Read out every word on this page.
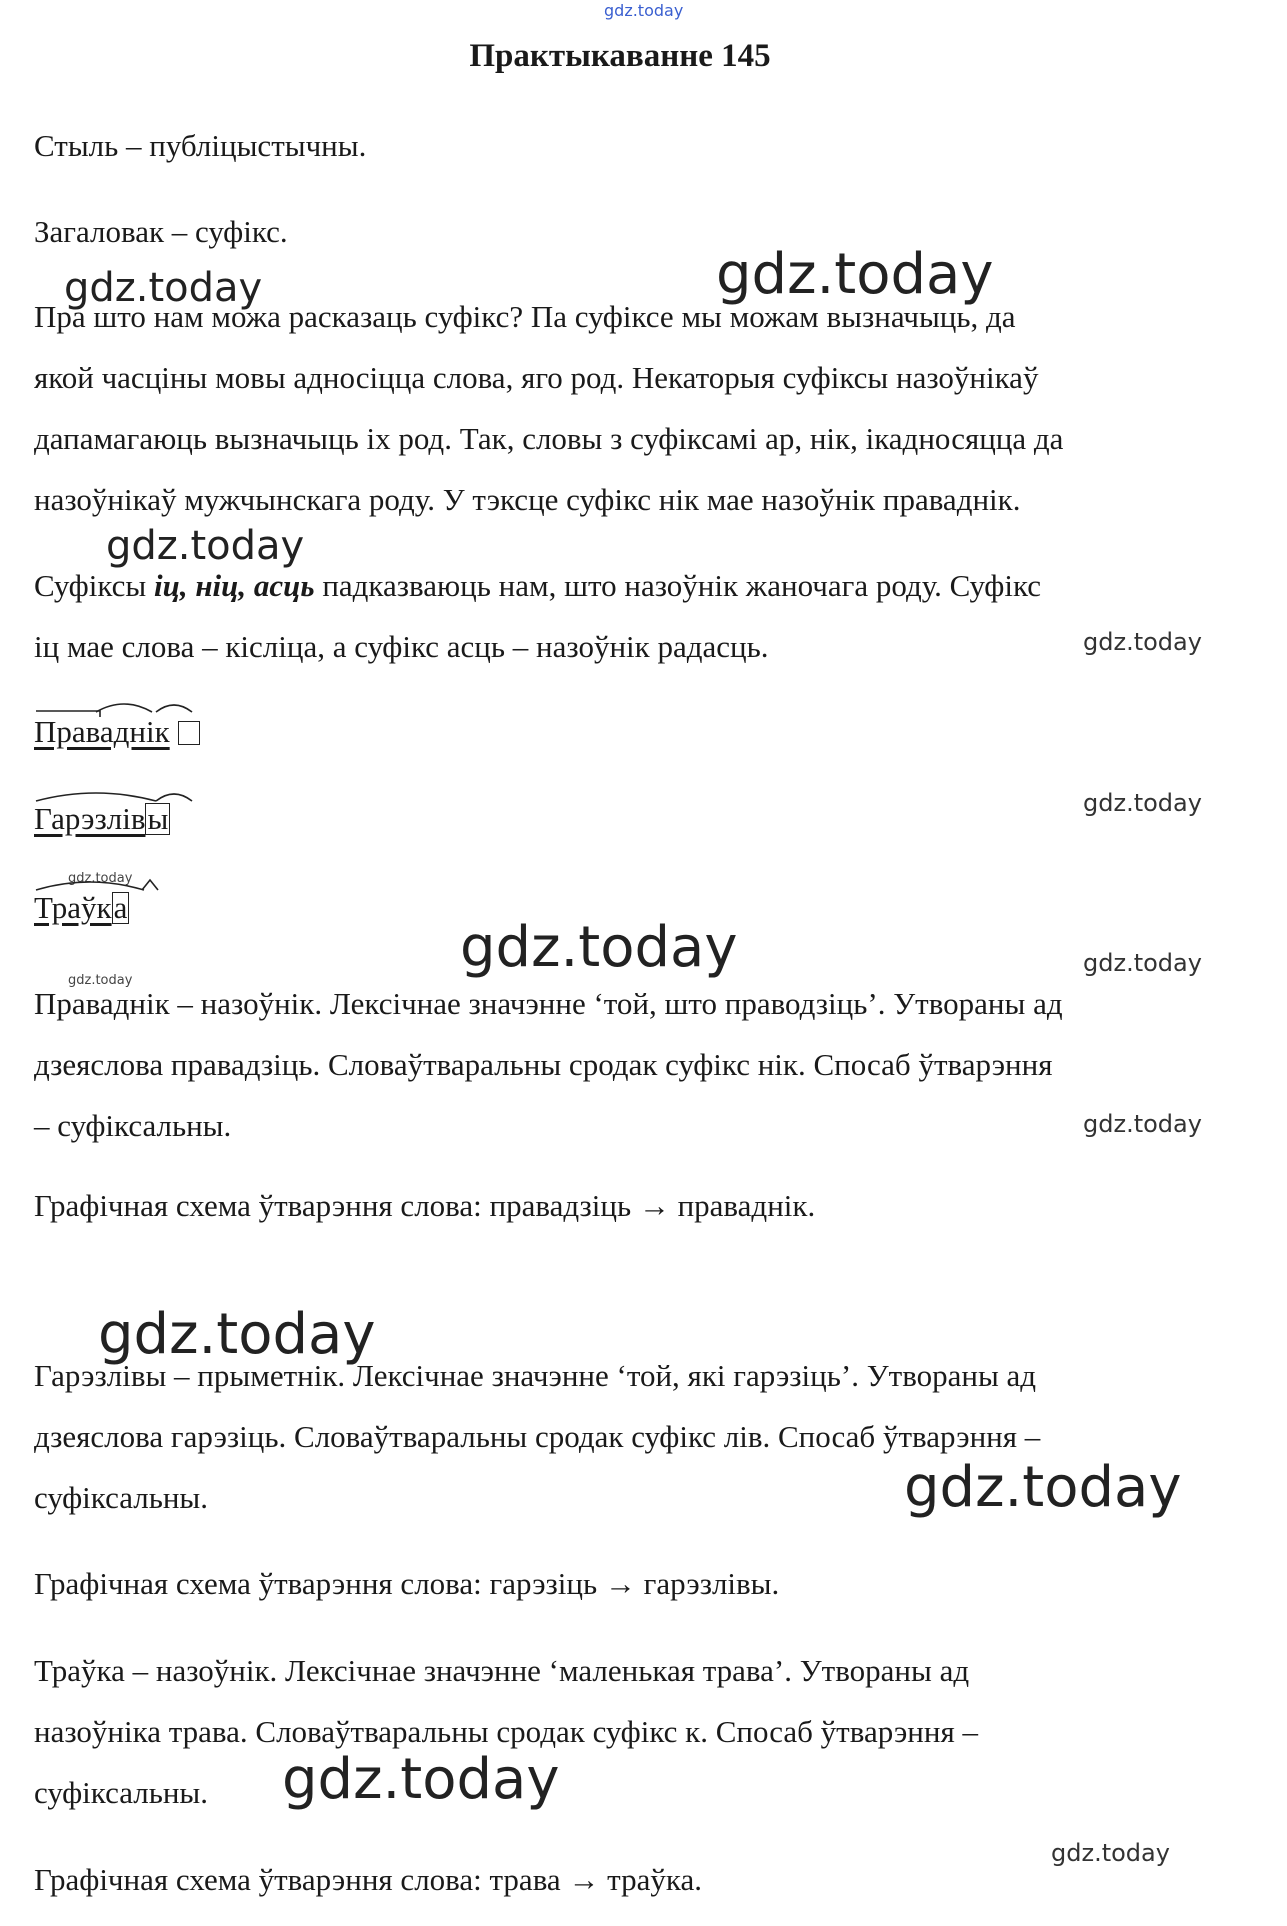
gdz.today
Практыкаванне 145
Стыль – публіцыстычны.
Загаловак – суфікс.
Пра што нам можа расказаць суфікс? Па суфіксе мы можам вызначыць, да
якой часціны мовы адносіцца слова, яго род. Некаторыя суфіксы назоўнікаў
дапамагаюць вызначыць іх род. Так, словы з суфіксамі ар, нік, ікадносяцца да
назоўнікаў мужчынскага роду. У тэксце суфікс нік мае назоўнік праваднік.
Суфіксы іц, ніц, асць падказваюць нам, што назоўнік жаночага роду. Суфікс
іц мае слова – кісліца, а суфікс асць – назоўнік радасць.
Праваднік
Гарэзлівы
gdz.today
Траўка
gdz.today
Праваднік – назоўнік. Лексічнае значэнне ‘той, што праводзіць’. Утвораны ад
дзеяслова правадзіць. Словаўтваральны сродак суфікс нік. Спосаб ўтварэння
– суфіксальны.
Графічная схема ўтварэння слова: правадзіць → праваднік.
Гарэзлівы – прыметнік. Лексічнае значэнне ‘той, які гарэзіць’. Утвораны ад
дзеяслова гарэзіць. Словаўтваральны сродак суфікс лів. Спосаб ўтварэння –
суфіксальны.
Графічная схема ўтварэння слова: гарэзіць → гарэзлівы.
Траўка – назоўнік. Лексічнае значэнне ‘маленькая трава’. Утвораны ад
назоўніка трава. Словаўтваральны сродак суфікс к. Спосаб ўтварэння –
суфіксальны.
Графічная схема ўтварэння слова: трава → траўка.
gdz.today	gdz.today
gdz.today
gdz.today
gdz.today
gdz.today	gdz.today
gdz.today
gdz.today
gdz.today
gdz.today
gdz.today
